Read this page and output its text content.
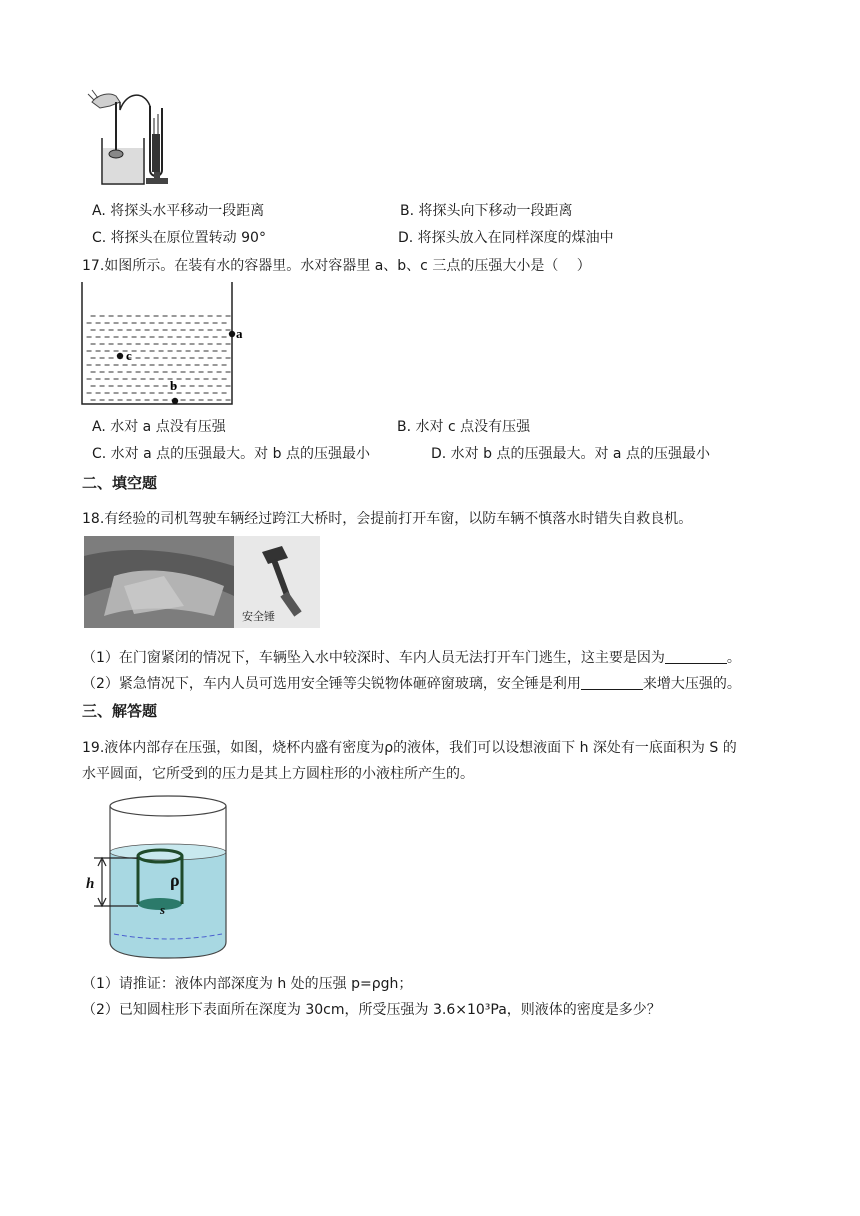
A. 将探头水平移动一段距离	B. 将探头向下移动一段距离
C. 将探头在原位置转动 90°	D. 将探头放入在同样深度的煤油中
17.如图所示。在装有水的容器里。水对容器里 a、b、c 三点的压强大小是（　 ）
a
c
b
A. 水对 a 点没有压强	B. 水对 c 点没有压强
C. 水对 a 点的压强最大。对 b 点的压强最小	D. 水对 b 点的压强最大。对 a 点的压强最小
二、填空题
18.有经验的司机驾驶车辆经过跨江大桥时，会提前打开车窗，以防车辆不慎落水时错失自救良机。
安全锤
（1）在门窗紧闭的情况下，车辆坠入水中较深时、车内人员无法打开车门逃生，这主要是因为	。
（2）紧急情况下，车内人员可选用安全锤等尖锐物体砸碎窗玻璃，安全锤是利用	来增大压强的。
三、解答题
19.液体内部存在压强，如图，烧杯内盛有密度为ρ的液体，我们可以设想液面下 h 深处有一底面积为 S 的
水平圆面，它所受到的压力是其上方圆柱形的小液柱所产生的。
ρ
s
h
（1）请推证：液体内部深度为 h 处的压强 p=ρgh；
（2）已知圆柱形下表面所在深度为 30cm，所受压强为 3.6×10³Pa，则液体的密度是多少？
